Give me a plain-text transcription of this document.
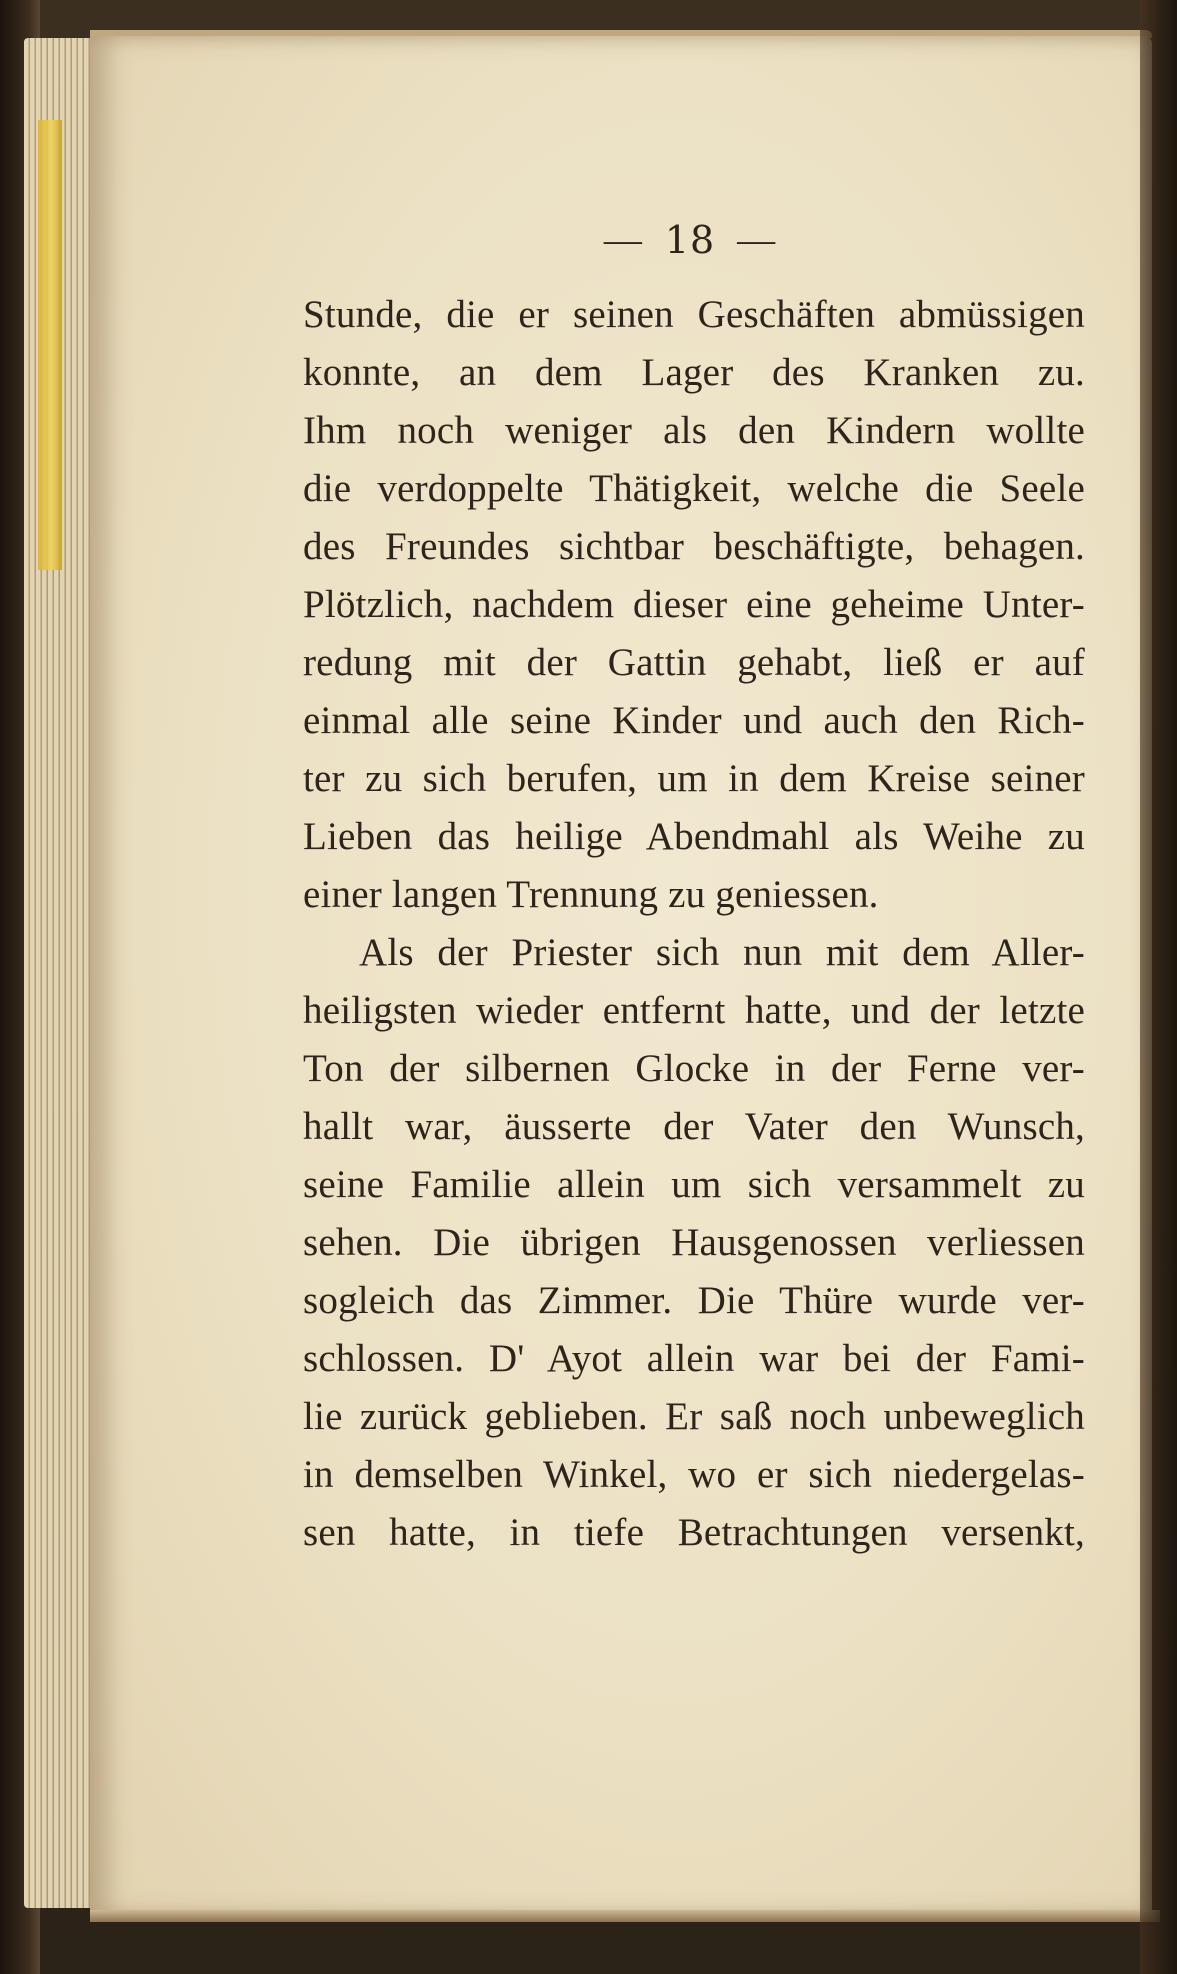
— 18 —
Stunde, die er seinen Geschäften abmüssigen
konnte, an dem Lager des Kranken zu.
Ihm noch weniger als den Kindern wollte
die verdoppelte Thätigkeit, welche die Seele
des Freundes sichtbar beschäftigte, behagen.
Plötzlich, nachdem dieser eine geheime Unter-
redung mit der Gattin gehabt, ließ er auf
einmal alle seine Kinder und auch den Rich-
ter zu sich berufen, um in dem Kreise seiner
Lieben das heilige Abendmahl als Weihe zu
einer langen Trennung zu geniessen.
Als der Priester sich nun mit dem Aller-
heiligsten wieder entfernt hatte, und der letzte
Ton der silbernen Glocke in der Ferne ver-
hallt war, äusserte der Vater den Wunsch,
seine Familie allein um sich versammelt zu
sehen. Die übrigen Hausgenossen verliessen
sogleich das Zimmer. Die Thüre wurde ver-
schlossen. D' Ayot allein war bei der Fami-
lie zurück geblieben. Er saß noch unbeweglich
in demselben Winkel, wo er sich niedergelas-
sen hatte, in tiefe Betrachtungen versenkt,
